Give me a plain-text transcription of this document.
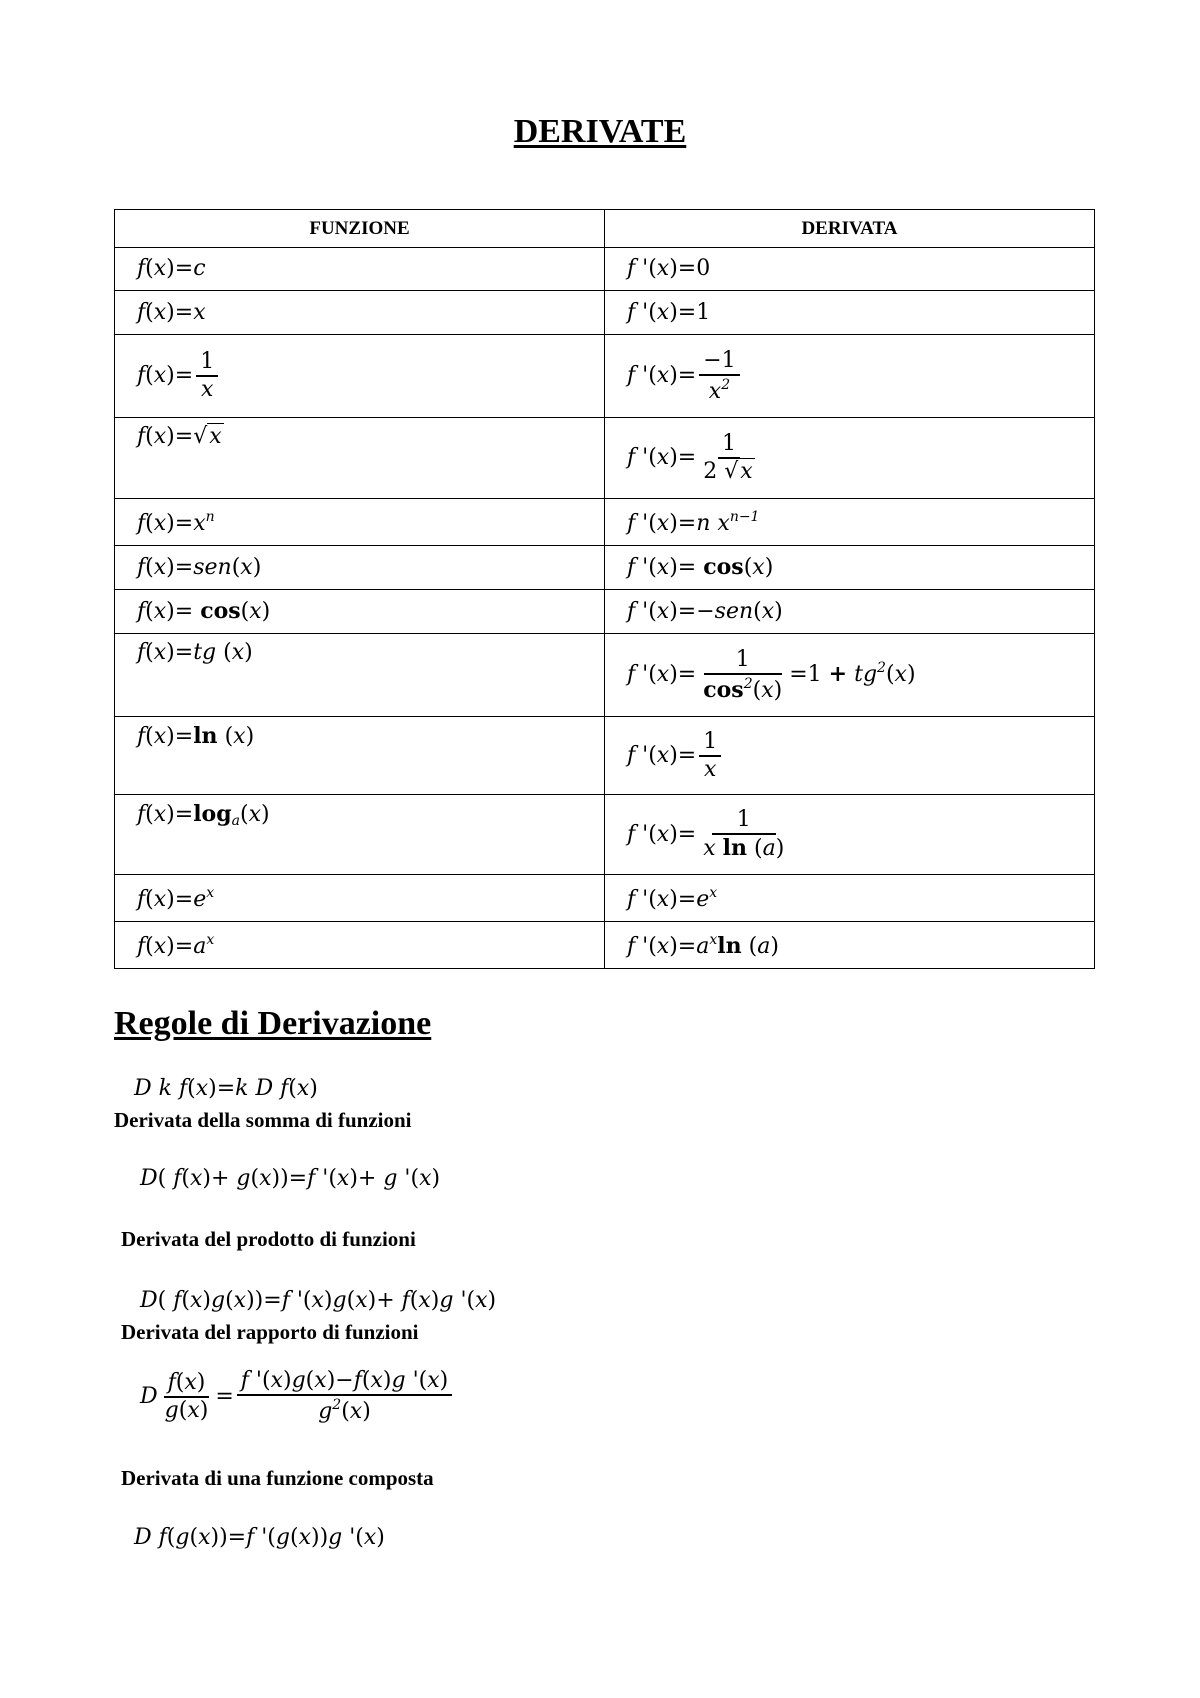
DERIVATE
FUNZIONE	DERIVATA
f(x)=c	f '(x)=0
f(x)=x	f '(x)=1
$f(x)= \frac{1}{x}$	f '$(x)= \frac{-1}{x^2}$

f(x)=√x	f '$(x)= \frac{1}{2 √x}$

$f(x)=x^n$	f '(x)=n $x^{n-1}$
f(x)=sen(x)	f '(x)= cos(x)
f(x)= cos(x)	f '(x)=−sen(x)
f(x)=tg (x)	f '$(x)= \frac{1}{\cos^2(x)} =1 + tg^2(x)$
f(x)=ln (x)	f '$(x)= \frac{1}{x}$

$f(x)=\log_a(x)$	f '$(x)= \frac{1}{\text{x ln (a)}}$

$f(x)=e^x$	f '$(x)=e^x$
$f(x)=a^x$	f '$(x)=a^x\ln$ (a)
Regole di Derivazione
D k f(x)=k D f(x)
Derivata della somma di funzioni
D( f(x)+ g(x))=f '(x)+ g '(x)
Derivata del prodotto di funzioni
D( f(x)g(x))=f '(x)g(x)+ f(x)g '(x)
Derivata del rapporto di funzioni
D $\frac{f(x)}{g(x)} = \frac{f '(x)g(x)-f(x)g '(x)}{g^2(x)}$
Derivata di una funzione composta
D f(g(x))=f '(g(x))g '(x)
